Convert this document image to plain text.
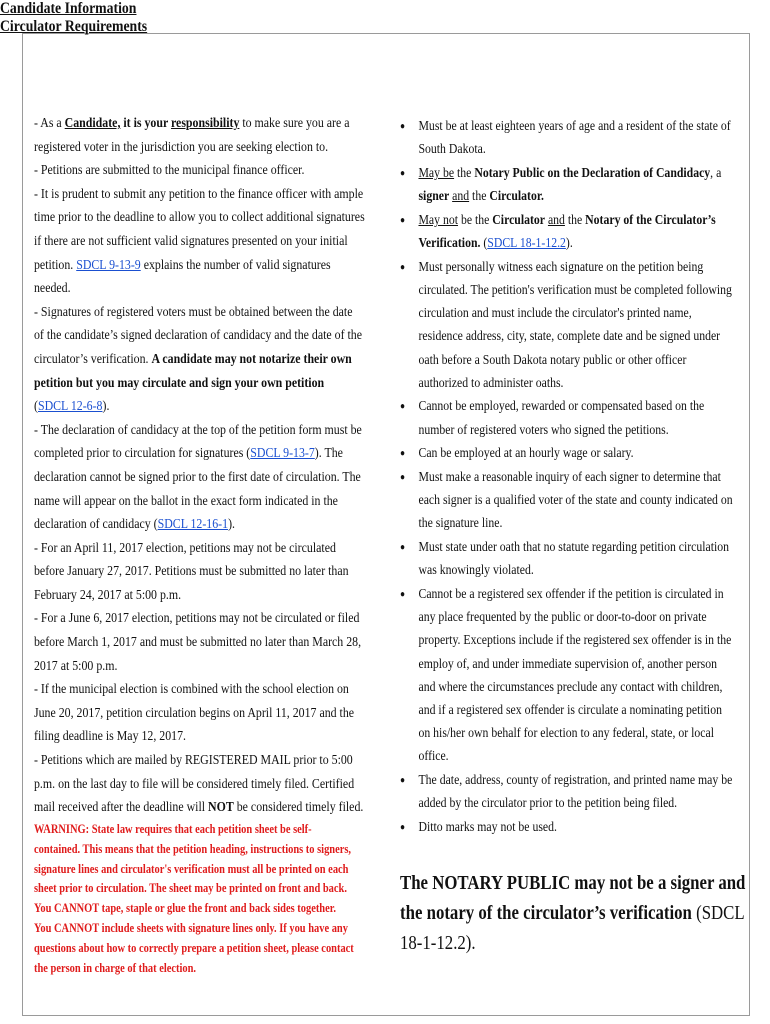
Candidate Information
- As a Candidate, it is your responsibility to make sure you are a
registered voter in the jurisdiction you are seeking election to.
- Petitions are submitted to the municipal finance officer.
- It is prudent to submit any petition to the finance officer with ample
time prior to the deadline to allow you to collect additional signatures
if there are not sufficient valid signatures presented on your initial
petition. SDCL 9-13-9 explains the number of valid signatures
needed.
- Signatures of registered voters must be obtained between the date
of the candidate’s signed declaration of candidacy and the date of the
circulator’s verification. A candidate may not notarize their own
petition but you may circulate and sign your own petition
(SDCL 12-6-8).
- The declaration of candidacy at the top of the petition form must be
completed prior to circulation for signatures (SDCL 9-13-7). The
declaration cannot be signed prior to the first date of circulation. The
name will appear on the ballot in the exact form indicated in the
declaration of candidacy (SDCL 12-16-1).
- For an April 11, 2017 election, petitions may not be circulated
before January 27, 2017. Petitions must be submitted no later than
February 24, 2017 at 5:00 p.m.
- For a June 6, 2017 election, petitions may not be circulated or filed
before March 1, 2017 and must be submitted no later than March 28,
2017 at 5:00 p.m.
- If the municipal election is combined with the school election on
June 20, 2017, petition circulation begins on April 11, 2017 and the
filing deadline is May 12, 2017.
- Petitions which are mailed by REGISTERED MAIL prior to 5:00
p.m. on the last day to file will be considered timely filed. Certified
mail received after the deadline will NOT be considered timely filed.
WARNING: State law requires that each petition sheet be self-
contained. This means that the petition heading, instructions to signers,
signature lines and circulator's verification must all be printed on each
sheet prior to circulation. The sheet may be printed on front and back.
You CANNOT tape, staple or glue the front and back sides together.
You CANNOT include sheets with signature lines only. If you have any
questions about how to correctly prepare a petition sheet, please contact
the person in charge of that election.
Circulator Requirements
● Must be at least eighteen years of age and a resident of the state of
South Dakota.
● May be the Notary Public on the Declaration of Candidacy, a
signer and the Circulator.
● May not be the Circulator and the Notary of the Circulator’s
Verification. (SDCL 18-1-12.2).
● Must personally witness each signature on the petition being
circulated. The petition's verification must be completed following
circulation and must include the circulator's printed name,
residence address, city, state, complete date and be signed under
oath before a South Dakota notary public or other officer
authorized to administer oaths.
● Cannot be employed, rewarded or compensated based on the
number of registered voters who signed the petitions.
● Can be employed at an hourly wage or salary.
● Must make a reasonable inquiry of each signer to determine that
each signer is a qualified voter of the state and county indicated on
the signature line.
● Must state under oath that no statute regarding petition circulation
was knowingly violated.
● Cannot be a registered sex offender if the petition is circulated in
any place frequented by the public or door-to-door on private
property. Exceptions include if the registered sex offender is in the
employ of, and under immediate supervision of, another person
and where the circumstances preclude any contact with children,
and if a registered sex offender is circulate a nominating petition
on his/her own behalf for election to any federal, state, or local
office.
● The date, address, county of registration, and printed name may be
added by the circulator prior to the petition being filed.
● Ditto marks may not be used.
The NOTARY PUBLIC may not be a signer and
the notary of the circulator’s verification (SDCL
18-1-12.2).
